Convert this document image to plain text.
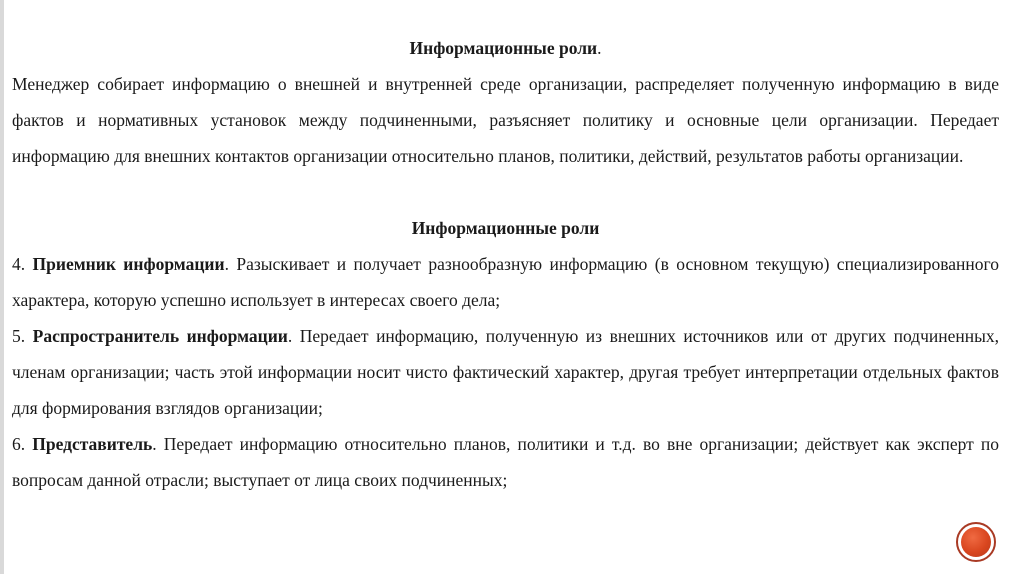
Информационные роли.

Менеджер собирает информацию о внешней и внутренней среде организации, распределяет полученную информацию в виде фактов и нормативных установок между подчиненными, разъясняет политику и основные цели организации. Передает информацию для внешних контактов организации относительно планов, политики, действий, результатов работы организации.

Информационные роли

4. Приемник информации. Разыскивает и получает разнообразную информацию (в основном текущую) специализированного характера, которую успешно использует в интересах своего дела;

5. Распространитель информации. Передает информацию, полученную из внешних источников или от других подчиненных, членам организации; часть этой информации носит чисто фактический характер, другая требует интерпретации отдельных фактов для формирования взглядов организации;

6. Представитель. Передает информацию относительно планов, политики и т.д. во вне организации; действует как эксперт по вопросам данной отрасли; выступает от лица своих подчиненных;
